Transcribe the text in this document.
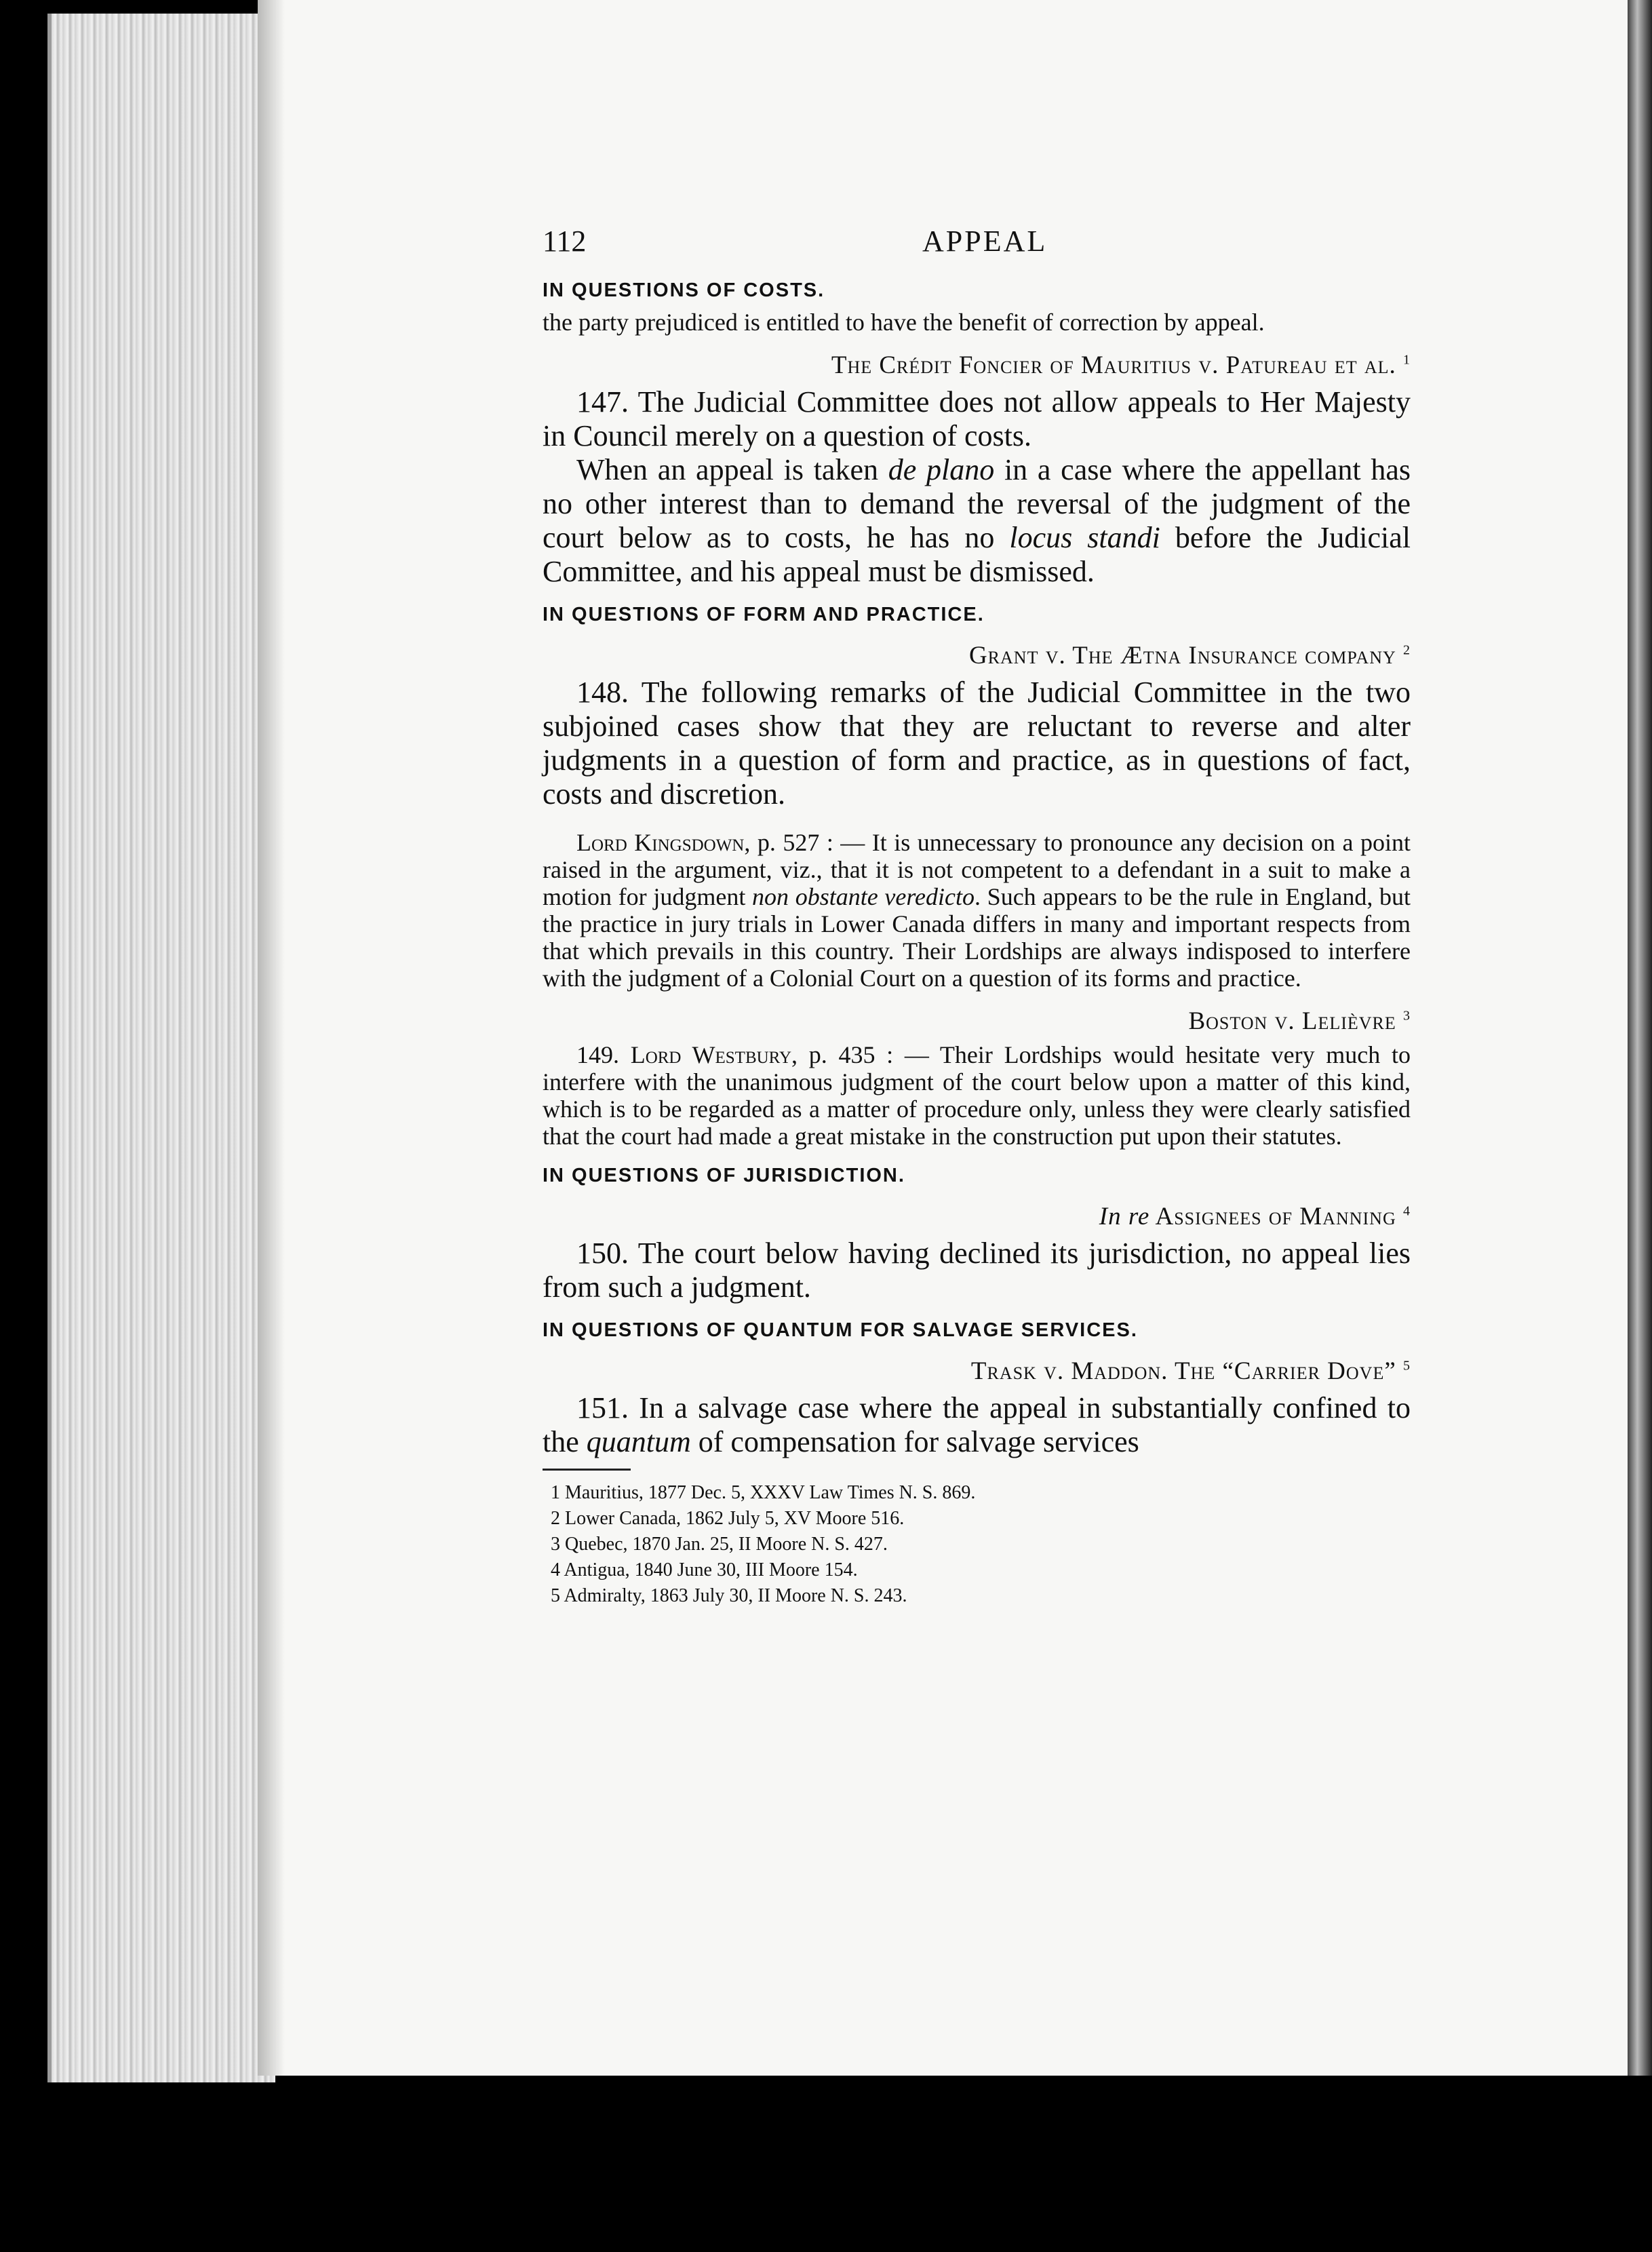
112	APPEAL
IN QUESTIONS OF COSTS.

the party prejudiced is entitled to have the benefit of correction by appeal.

The Crédit Foncier of Mauritius v. Patureau et al. $^1$

147. The Judicial Committee does not allow appeals to Her Majesty in Council merely on a question of costs.

When an appeal is taken de plano in a case where the appellant has no other interest than to demand the reversal of the judgment of the court below as to costs, he has no locus standi before the Judicial Committee, and his appeal must be dismissed.

IN QUESTIONS OF FORM AND PRACTICE.
Grant v. The Ætna Insurance company $^2$

148. The following remarks of the Judicial Committee in the two subjoined cases show that they are reluctant to reverse and alter judgments in a question of form and practice, as in questions of fact, costs and discretion.

Lord Kingsdown, p. 527 : — It is unnecessary to pronounce any decision on a point raised in the argument, viz., that it is not competent to a defendant in a suit to make a motion for judgment non obstante veredicto. Such appears to be the rule in England, but the practice in jury trials in Lower Canada differs in many and important respects from that which prevails in this country. Their Lordships are always indisposed to interfere with the judgment of a Colonial Court on a question of its forms and practice.

Boston v. Lelièvre $^3$

149. Lord Westbury, p. 435 : — Their Lordships would hesitate very much to interfere with the unanimous judgment of the court below upon a matter of this kind, which is to be regarded as a matter of procedure only, unless they were clearly satisfied that the court had made a great mistake in the construction put upon their statutes.

IN QUESTIONS OF JURISDICTION.
In re Assignees of Manning $^4$

150. The court below having declined its jurisdiction, no appeal lies from such a judgment.

IN QUESTIONS OF QUANTUM FOR SALVAGE SERVICES.
Trask v. Maddon. The “Carrier Dove” $^5$

151. In a salvage case where the appeal in substantially confined to the quantum of compensation for salvage services

1 Mauritius, 1877 Dec. 5, XXXV Law Times N. S. 869.

2 Lower Canada, 1862 July 5, XV Moore 516.

3 Quebec, 1870 Jan. 25, II Moore N. S. 427.

4 Antigua, 1840 June 30, III Moore 154.

5 Admiralty, 1863 July 30, II Moore N. S. 243.
